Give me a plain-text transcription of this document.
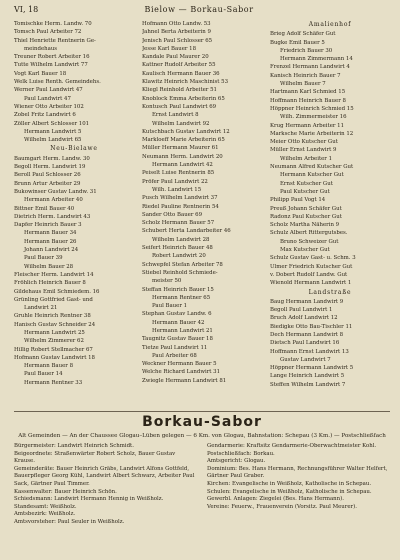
VI, 18	Bielow — Borkau-Sabor
Tomischke Herm. Landw. 70
Tomsch Paul Arbeiter 72
Thiel Henriette Rentnerin Ge-
meindehaus
Treuner Robert Arbeiter 16
Tutte Wilhelm Landwirt 77
Vogt Karl Bauer 18
Welk Luise Renth. Gemeindehs.
Werner Paul Landwirt 47
Paul Landwirt 47
Wiener Otto Arbeiter 102
Zobel Fritz Landwirt 6
Zöller Albert Schlosser 101
Hermann Landwirt 5
Wilhelm Landwirt 65
Neu-Bielawe
Baumgart Herm. Landw. 30
Begoll Herm. Landwirt 19
Beroll Paul Schlosser 26
Brunn Artur Arbeiter 29
Bukowinser Gustav Landw. 31
Hermann Arbeiter 40
Bittner Emil Bauer 40
Dietrich Herm. Landwirt 43
Dapfer Heinrich Bauer 3
Hermann Bauer 34
Hermann Bauer 26
Johann Landwirt 24
Paul Bauer 39
Wilhelm Bauer 28
Fleischer Herm. Landwirt 14
Fröhlich Heinrich Bauer 8
Gildehaus Emil Schmiedem. 16
Grünling Gottfried Gast- und
Landwirt 21
Gruhle Heinrich Rentner 38
Hanisch Gustav Schneider 24
Hermann Landwirt 25
Wilhelm Zimmerer 62
Hillig Robert Stellmacher 67
Hofmann Gustav Landwirt 18
Hermann Bauer 8
Paul Bauer 14
Hermann Rentner 33
Hofmann Otto Landw. 53
Jahnel Berta Arbeiterin 9
Jenisch Paul Schlosser 65
Jesse Karl Bauer 18
Kandale Paul Maurer 20
Kattner Rudolf Arbeiter 55
Kaulisch Hermann Bauer 36
Klawitz Heinrich Maschinist 53
Kliegl Reinhold Arbeiter 51
Knoblock Emma Arbeiterin 65
Kontusch Paul Landwirt 69
Ernst Landwirt 8
Wilhelm Landwirt 92
Kutschbach Gustav Landwirt 12
Markloeff Marie Arbeiterin 65
Müller Hermann Maurer 61
Neumann Herm. Landwirt 20
Hermann Landwirt 42
Peiselt Luise Rentnerin 85
Pröfer Paul Landwirt 22
Wilh. Landwirt 15
Pusch Wilhelm Landwirt 37
Riedel Pauline Rentnerin 54
Sander Otto Bauer 69
Scholz Hermann Bauer 57
Schubert Herta Landarbeiter 46
Wilhelm Landwirt 28
Seifert Heinrich Bauer 48
Robert Landwirt 20
Schwepfel Stefan Arbeiter 78
Stiebel Reinhold Schmiede-
meister 50
Steffan Heinrich Bauer 15
Hermann Rentner 65
Paul Bauer 1
Stephan Gustav Landw. 6
Hermann Bauer 42
Hermann Landwirt 21
Taugnitz Gustav Bauer 18
Tietze Paul Landwirt 11
Paul Arbeiter 68
Weckner Hermann Bauer 5
Welche Richard Landwirt 31
Zwiegle Hermann Landwirt 81
Amalienhof
Brieg Adolf Schäfer Gut
Bugke Emil Bauer 5
Friedrich Bauer 30
Hermann Zimmermann 14
Frenzel Hermann Landwirt 4
Kanisch Heinrich Bauer 7
Wilhelm Bauer 7
Hartmann Karl Schmied 15
Hoffmann Heinrich Bauer 8
Höppner Heinrich Schmied 15
Wilh. Zimmermeister 16
Krug Hermann Arbeiter 11
Marksche Marie Arbeiterin 12
Meier Otto Kutscher Gut
Müller Ernst Landwirt 9
Wilhelm Arbeiter 1
Neumann Alfred Kutscher Gut
Hermann Kutscher Gut
Ernst Kutscher Gut
Paul Kutscher Gut
Philipp Paul Vogt 14
Preuß Johann Schäfer Gut
Radonz Paul Kutscher Gut
Scholz Martha Näherin 9
Schulz Albert Rittergutsbes.
Bruno Schweizer Gut
Max Kutscher Gut
Schulz Gustav Gast- u. Schm. 3
Ulmer Friedrich Kutscher Gut
v. Dobert Rudolf Landw. Gut
Wienold Hermann Landwirt 1
Landstraße
Baug Hermann Landwirt 9
Begoll Paul Landwirt 1
Bruch Adolf Landwirt 12
Biedigke Otto Bau-Tischler 11
Dech Hermann Landwirt 8
Dietsch Paul Landwirt 16
Hoffmann Ernst Landwirt 13
Gustav Landwirt 7
Höppner Hermann Landwirt 5
Lange Heinrich Landwirt 5
Steffen Wilhelm Landwirt 7
Borkau-Sabor
Alt Gemeinden — An der Chaussee Glogau–Lüben gelegen — 6 Km. von Glogau, Bahnstation: Schepau (3 Km.) — Postschließfach
Bürgermeister: Landwirt Heinrich Schmidt.
Beigeordnete: Straßenwärter Robert Scholz, Bauer Gustav Krause.
Gemeinderäte: Bauer Heinrich Gräbs, Landwirt Alfons Gottfeld, Bauerpfleger Georg Kühl, Landwirt Albert Schwarz, Arbeiter Paul Sack, Gärtner Paul Timmer.
Kassenwalter: Bauer Heinrich Schön.
Schiedsmann: Landwirt Hermann Hennig in Weißholz.
Standesamt: Weißholz.
Amtsbezirk: Weißholz.
Amtsvorsteher: Paul Seuler in Weißholz.
Gendarmerie: Kraftsitz Gendarmerie-Oberwachtmeister Kohl.
Postschließfach: Borkau.
Amtsgericht: Glogau.
Dominium: Bes. Hans Hermann, Rechnungsführer Walter Helfert, Gärtner Paul Graber.
Kirchen: Evangelische in Weißholz, Katholische in Schepau.
Schulen: Evangelische in Weißholz, Katholische in Schepau.
Gewerbl. Anlagen: Ziegelei (Bes. Hans Hermann).
Vereine: Feuerw., Frauenverein (Vorsitz. Paul Meurer).
